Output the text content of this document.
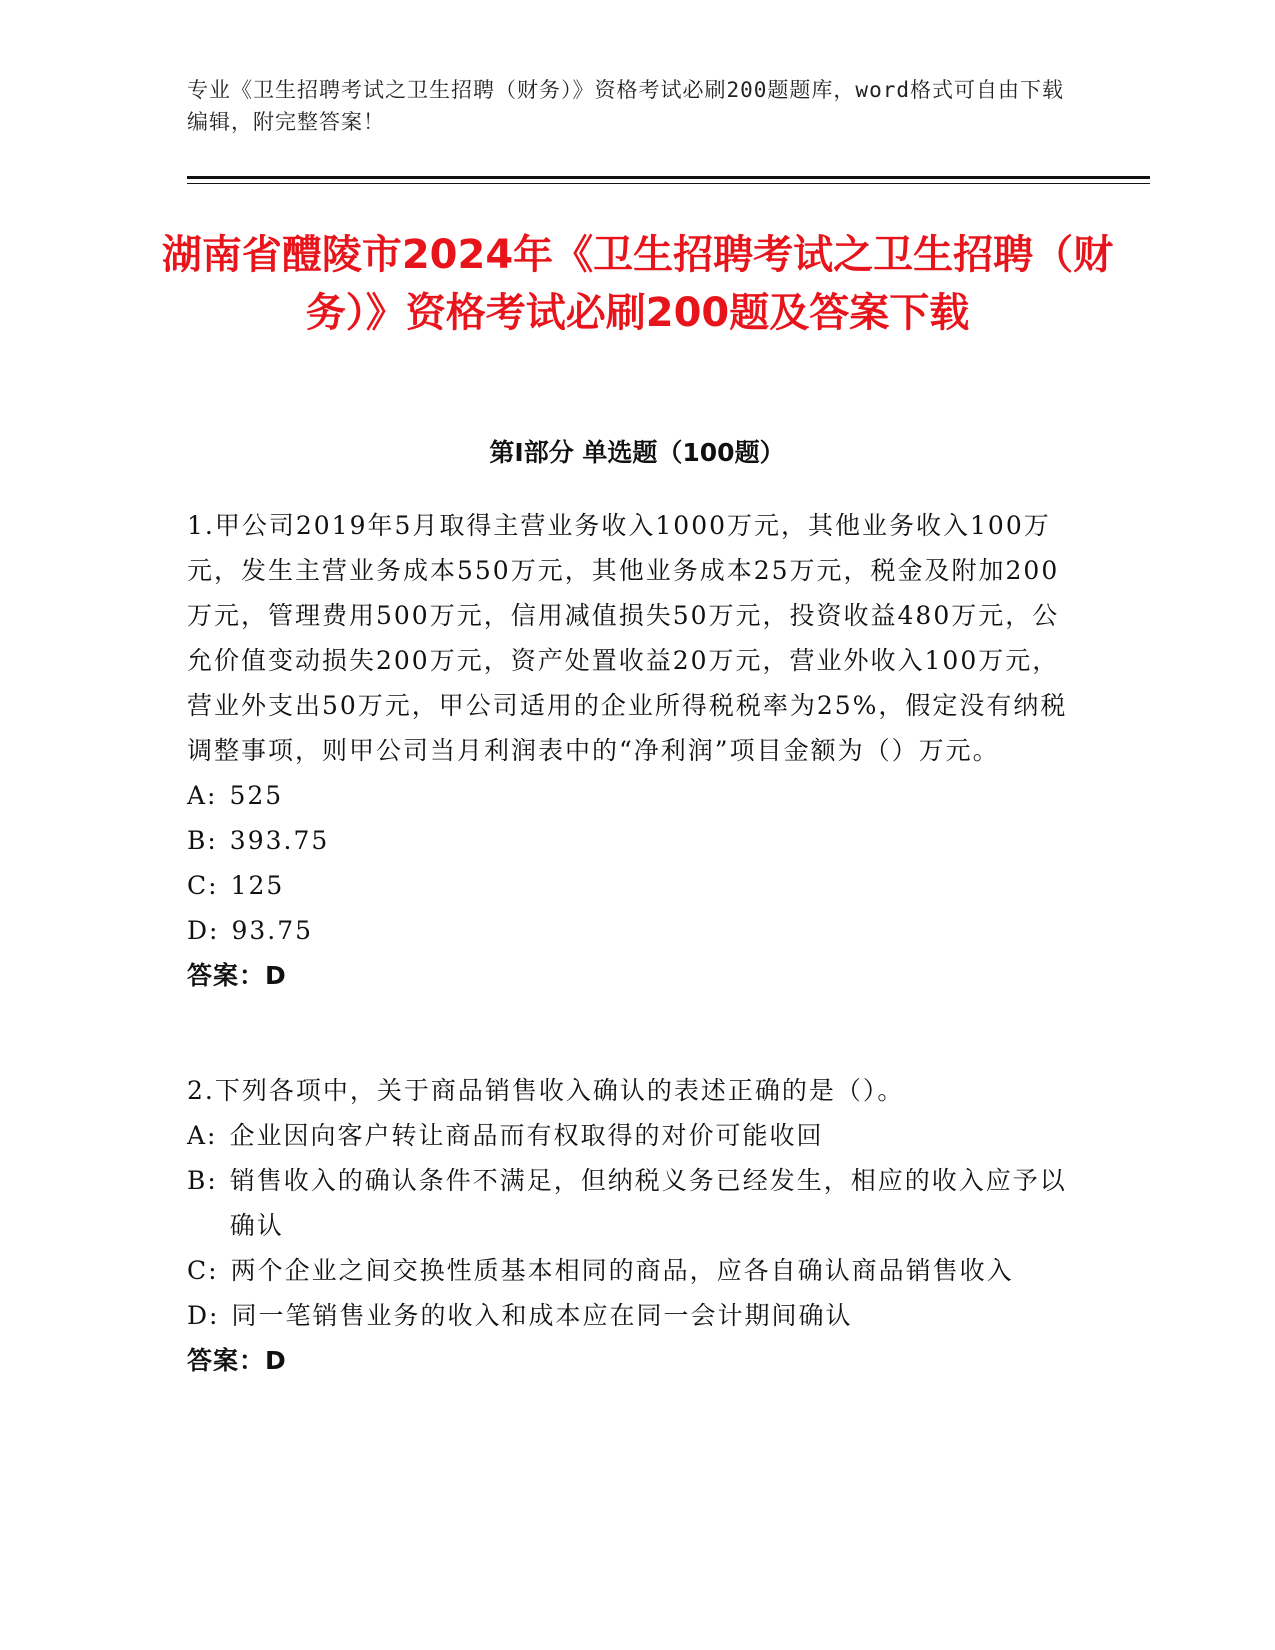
专业《卫生招聘考试之卫生招聘（财务）》资格考试必刷200题题库，word格式可自由下载编辑，附完整答案！
湖南省醴陵市2024年《卫生招聘考试之卫生招聘（财务）》资格考试必刷200题及答案下载
第I部分 单选题（100题）

1.甲公司2019年5月取得主营业务收入1000万元，其他业务收入100万元，发生主营业务成本550万元，其他业务成本25万元，税金及附加200万元，管理费用500万元，信用减值损失50万元，投资收益480万元，公允价值变动损失200万元，资产处置收益20万元，营业外收入100万元，营业外支出50万元，甲公司适用的企业所得税税率为25%，假定没有纳税调整事项，则甲公司当月利润表中的“净利润”项目金额为（）万元。

A: 525

B: 393.75

C: 125

D: 93.75

答案：D

2.下列各项中，关于商品销售收入确认的表述正确的是（）。

A: 企业因向客户转让商品而有权取得的对价可能收回

B: 销售收入的确认条件不满足，但纳税义务已经发生，相应的收入应予以确认

C: 两个企业之间交换性质基本相同的商品，应各自确认商品销售收入

D: 同一笔销售业务的收入和成本应在同一会计期间确认

答案：D
